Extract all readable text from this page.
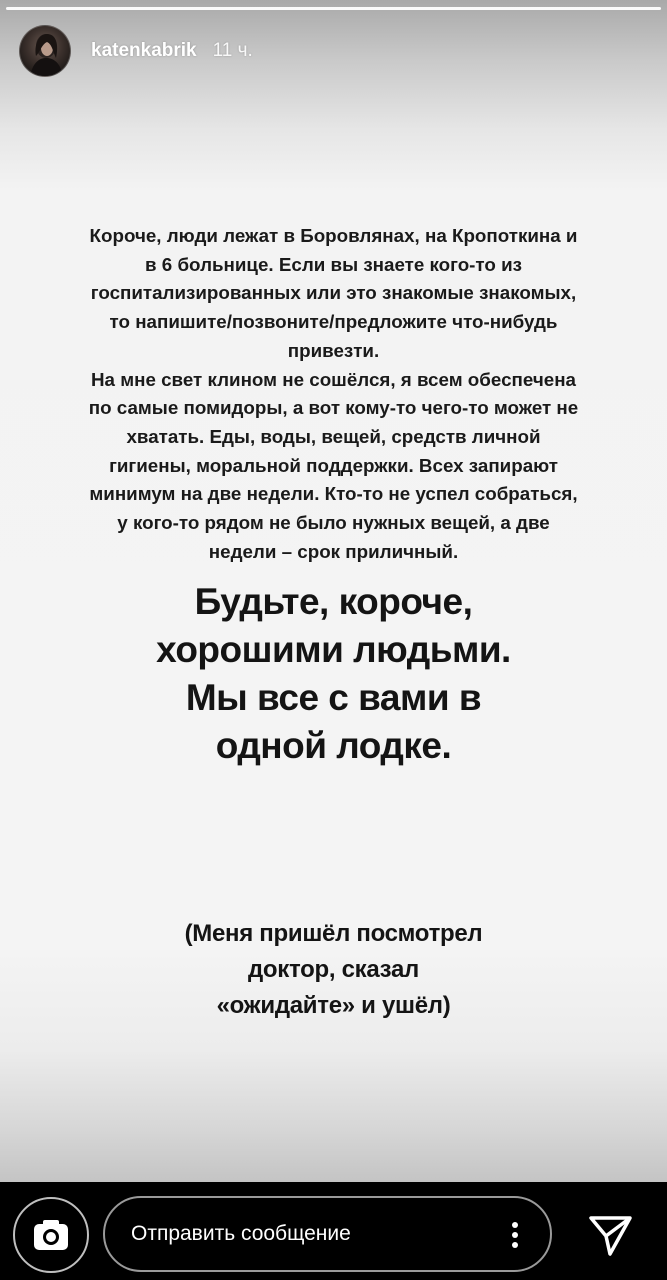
katenkabrik 11 ч.

Короче, люди лежат в Боровлянах, на Кропоткина и

в 6 больнице. Если вы знаете кого-то из

госпитализированных или это знакомые знакомых,

то напишите/позвоните/предложите что-нибудь

привезти.

На мне свет клином не сошёлся, я всем обеспечена

по самые помидоры, а вот кому-то чего-то может не

хватать. Еды, воды, вещей, средств личной

гигиены, моральной поддержки. Всех запирают

минимум на две недели. Кто-то не успел собраться,

у кого-то рядом не было нужных вещей, а две

недели – срок приличный.

Будьте, короче,
хорошими людьми.
Мы все с вами в
одной лодке.
(Меня пришёл посмотрел
доктор, сказал
«ожидайте» и ушёл)
Отправить сообщение
